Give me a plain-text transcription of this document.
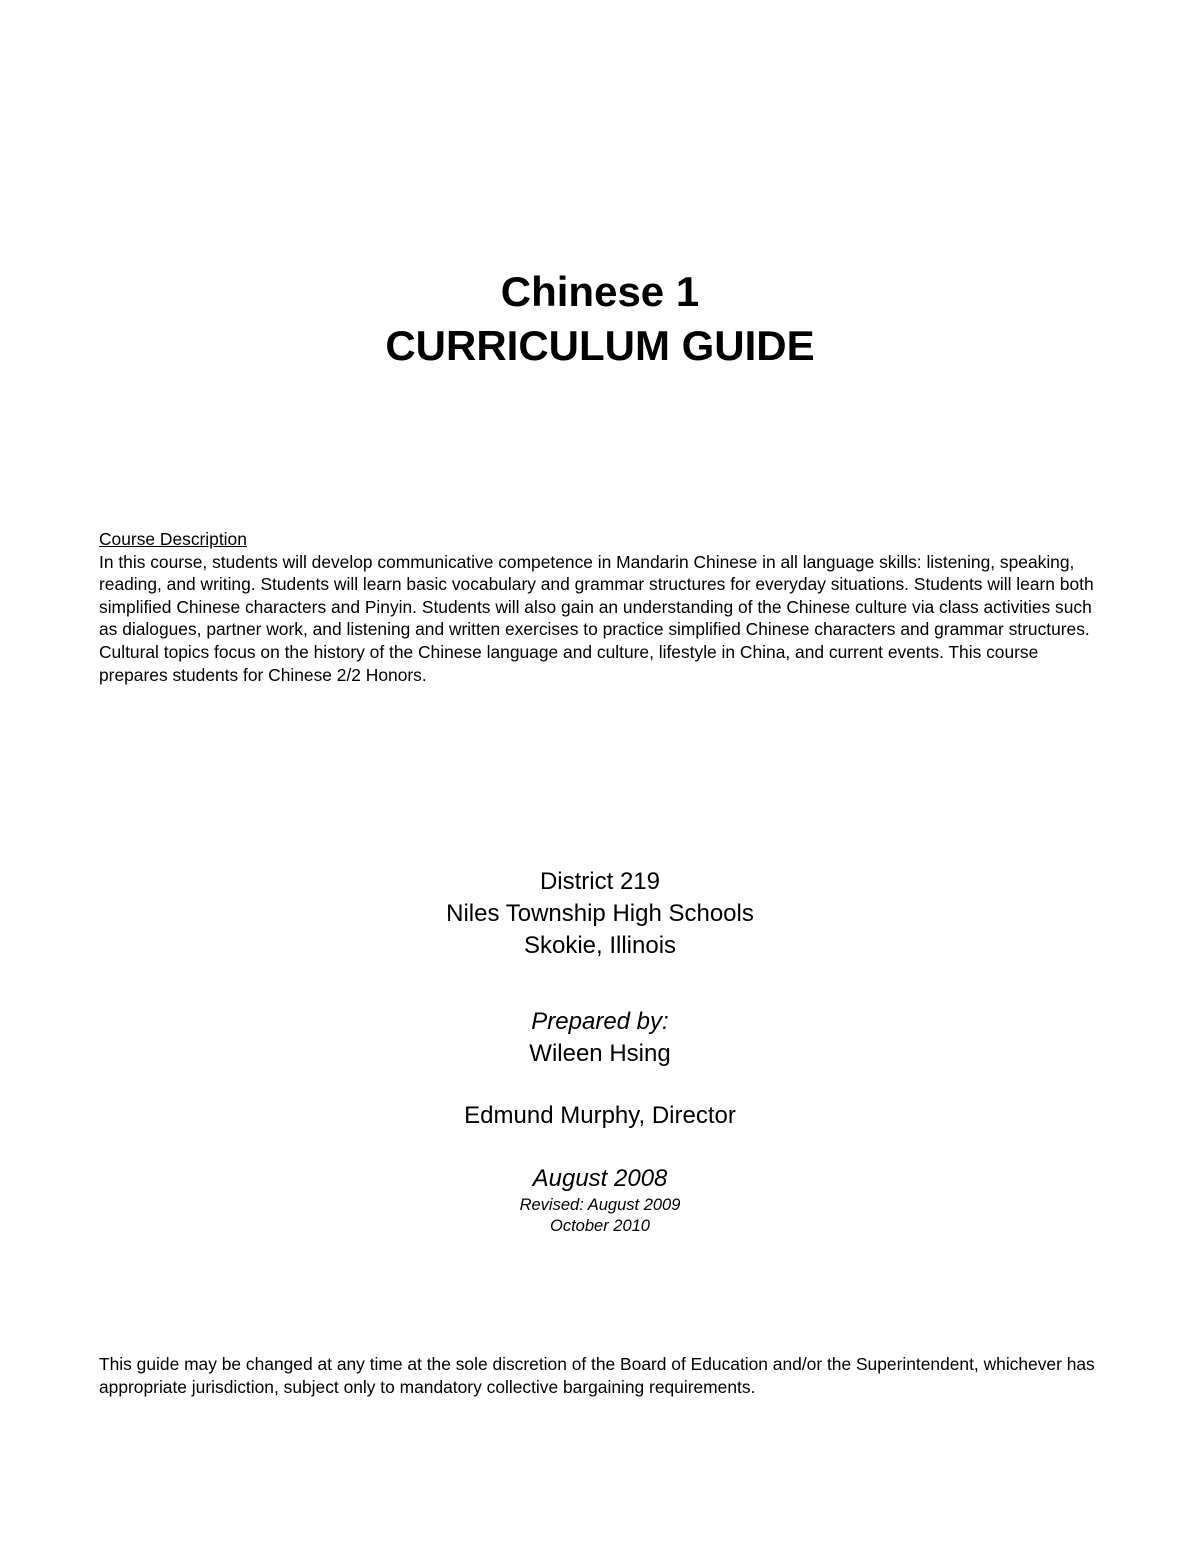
Chinese 1
CURRICULUM GUIDE
Course Description
In this course, students will develop communicative competence in Mandarin Chinese in all language skills: listening, speaking, reading, and writing. Students will learn basic vocabulary and grammar structures for everyday situations. Students will learn both simplified Chinese characters and Pinyin. Students will also gain an understanding of the Chinese culture via class activities such as dialogues, partner work, and listening and written exercises to practice simplified Chinese characters and grammar structures. Cultural topics focus on the history of the Chinese language and culture, lifestyle in China, and current events. This course prepares students for Chinese 2/2 Honors.
District 219
Niles Township High Schools
Skokie, Illinois
Prepared by:
Wileen Hsing
Edmund Murphy, Director
August 2008
Revised: August 2009
October 2010
This guide may be changed at any time at the sole discretion of the Board of Education and/or the Superintendent, whichever has appropriate jurisdiction, subject only to mandatory collective bargaining requirements.
